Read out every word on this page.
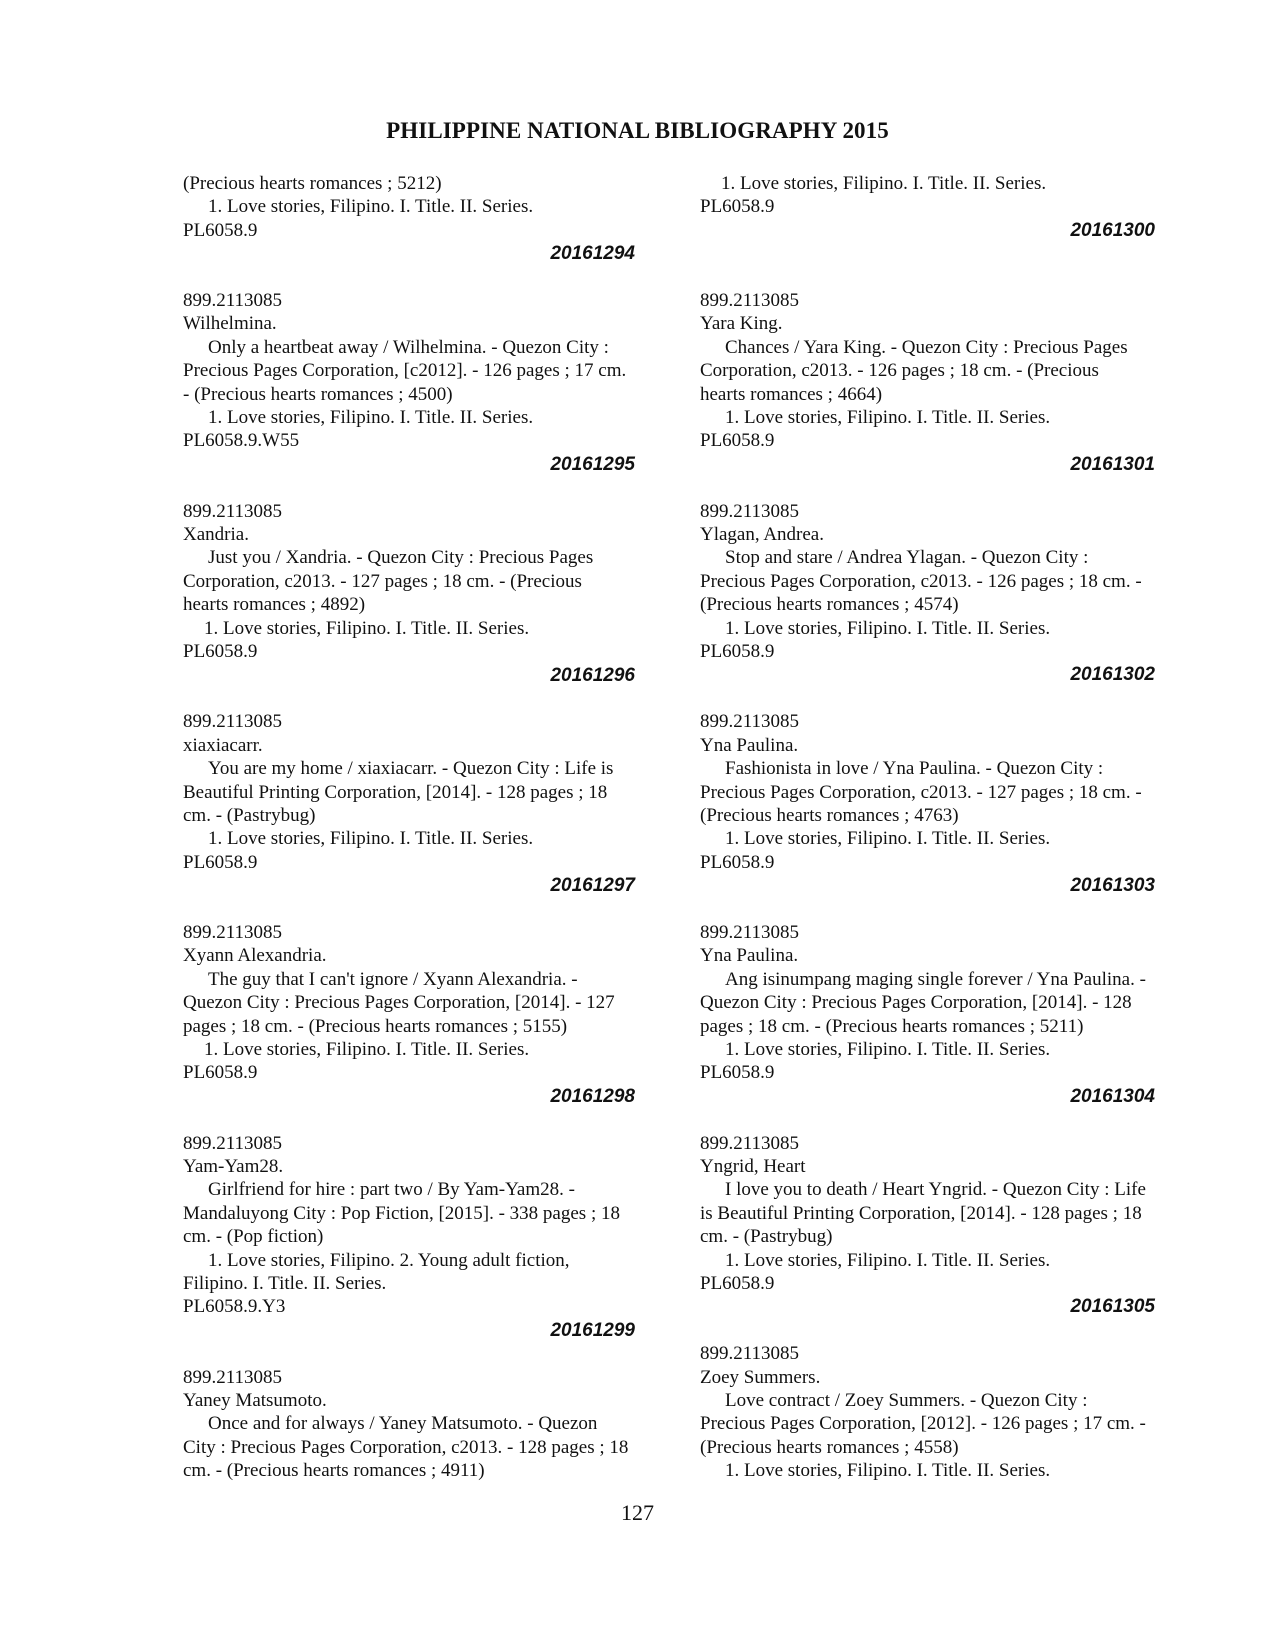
PHILIPPINE NATIONAL BIBLIOGRAPHY 2015
(Precious hearts romances ; 5212)
1. Love stories, Filipino. I. Title. II. Series.
PL6058.9
20161294
899.2113085
Wilhelmina.
Only a heartbeat away / Wilhelmina. - Quezon City :
Precious Pages Corporation, [c2012]. - 126 pages ; 17 cm.
- (Precious hearts romances ; 4500)
1. Love stories, Filipino. I. Title. II. Series.
PL6058.9.W55
20161295
899.2113085
Xandria.
Just you / Xandria. - Quezon City : Precious Pages
Corporation, c2013. - 127 pages ; 18 cm. - (Precious
hearts romances ; 4892)
1. Love stories, Filipino. I. Title. II. Series.
PL6058.9
20161296
899.2113085
xiaxiacarr.
You are my home / xiaxiacarr. - Quezon City : Life is
Beautiful Printing Corporation, [2014]. - 128 pages ; 18
cm. - (Pastrybug)
1. Love stories, Filipino. I. Title. II. Series.
PL6058.9
20161297
899.2113085
Xyann Alexandria.
The guy that I can't ignore / Xyann Alexandria. -
Quezon City : Precious Pages Corporation, [2014]. - 127
pages ; 18 cm. - (Precious hearts romances ; 5155)
1. Love stories, Filipino. I. Title. II. Series.
PL6058.9
20161298
899.2113085
Yam-Yam28.
Girlfriend for hire : part two / By Yam-Yam28. -
Mandaluyong City : Pop Fiction, [2015]. - 338 pages ; 18
cm. - (Pop fiction)
1. Love stories, Filipino. 2. Young adult fiction,
Filipino. I. Title. II. Series.
PL6058.9.Y3
20161299
899.2113085
Yaney Matsumoto.
Once and for always / Yaney Matsumoto. - Quezon
City : Precious Pages Corporation, c2013. - 128 pages ; 18
cm. - (Precious hearts romances ; 4911)
1. Love stories, Filipino. I. Title. II. Series.
PL6058.9
20161300
899.2113085
Yara King.
Chances / Yara King. - Quezon City : Precious Pages
Corporation, c2013. - 126 pages ; 18 cm. - (Precious
hearts romances ; 4664)
1. Love stories, Filipino. I. Title. II. Series.
PL6058.9
20161301
899.2113085
Ylagan, Andrea.
Stop and stare / Andrea Ylagan. - Quezon City :
Precious Pages Corporation, c2013. - 126 pages ; 18 cm. -
(Precious hearts romances ; 4574)
1. Love stories, Filipino. I. Title. II. Series.
PL6058.9
20161302
899.2113085
Yna Paulina.
Fashionista in love / Yna Paulina. - Quezon City :
Precious Pages Corporation, c2013. - 127 pages ; 18 cm. -
(Precious hearts romances ; 4763)
1. Love stories, Filipino. I. Title. II. Series.
PL6058.9
20161303
899.2113085
Yna Paulina.
Ang isinumpang maging single forever / Yna Paulina. -
Quezon City : Precious Pages Corporation, [2014]. - 128
pages ; 18 cm. - (Precious hearts romances ; 5211)
1. Love stories, Filipino. I. Title. II. Series.
PL6058.9
20161304
899.2113085
Yngrid, Heart
I love you to death / Heart Yngrid. - Quezon City : Life
is Beautiful Printing Corporation, [2014]. - 128 pages ; 18
cm. - (Pastrybug)
1. Love stories, Filipino. I. Title. II. Series.
PL6058.9
20161305
899.2113085
Zoey Summers.
Love contract / Zoey Summers. - Quezon City :
Precious Pages Corporation, [2012]. - 126 pages ; 17 cm. -
(Precious hearts romances ; 4558)
1. Love stories, Filipino. I. Title. II. Series.
127
